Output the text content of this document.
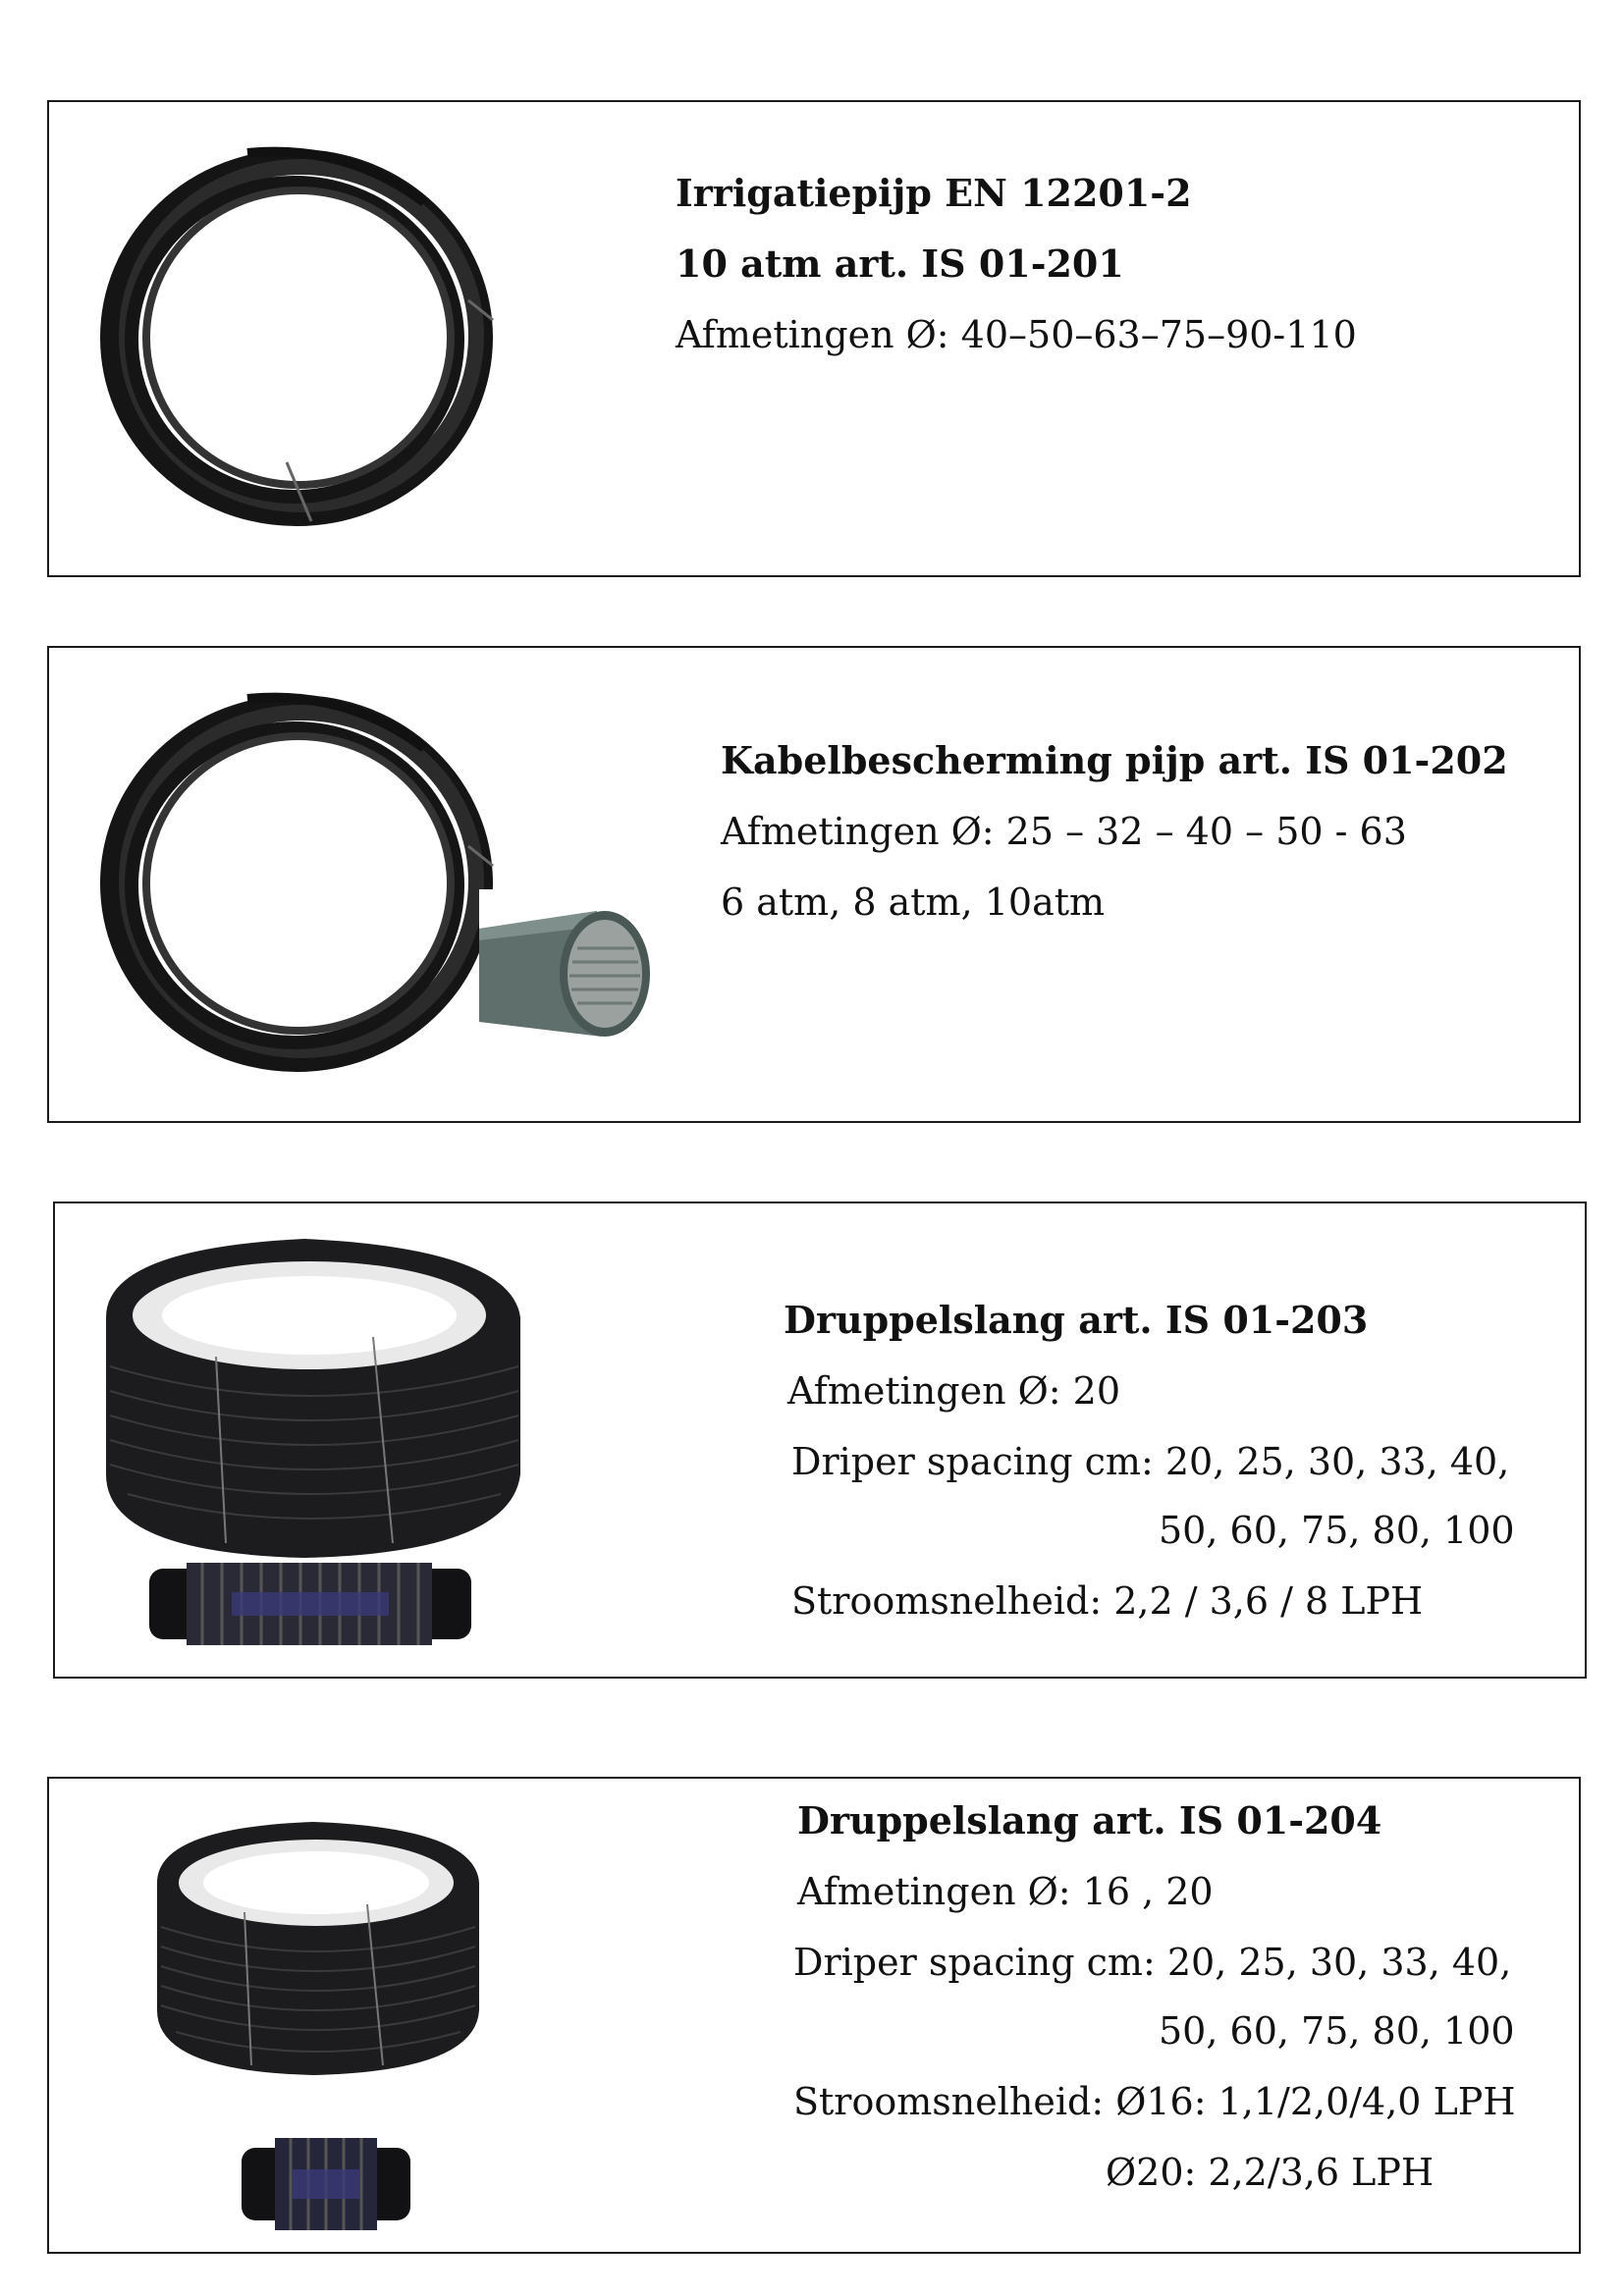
Irrigatiepijp EN 12201-2
10 atm art. IS 01-201
Afmetingen Ø: 40–50–63–75–90-110
Kabelbescherming pijp art. IS 01-202
Afmetingen Ø: 25 – 32 – 40 – 50 - 63
6 atm, 8 atm, 10atm
Druppelslang art. IS 01-203
Afmetingen Ø: 20
Driper spacing cm: 20, 25, 30, 33, 40,
50, 60, 75, 80, 100
Stroomsnelheid: 2,2 / 3,6 / 8 LPH
Druppelslang art. IS 01-204
Afmetingen Ø: 16 , 20
Driper spacing cm: 20, 25, 30, 33, 40,
50, 60, 75, 80, 100
Stroomsnelheid: Ø16: 1,1/2,0/4,0 LPH
Ø20: 2,2/3,6 LPH
